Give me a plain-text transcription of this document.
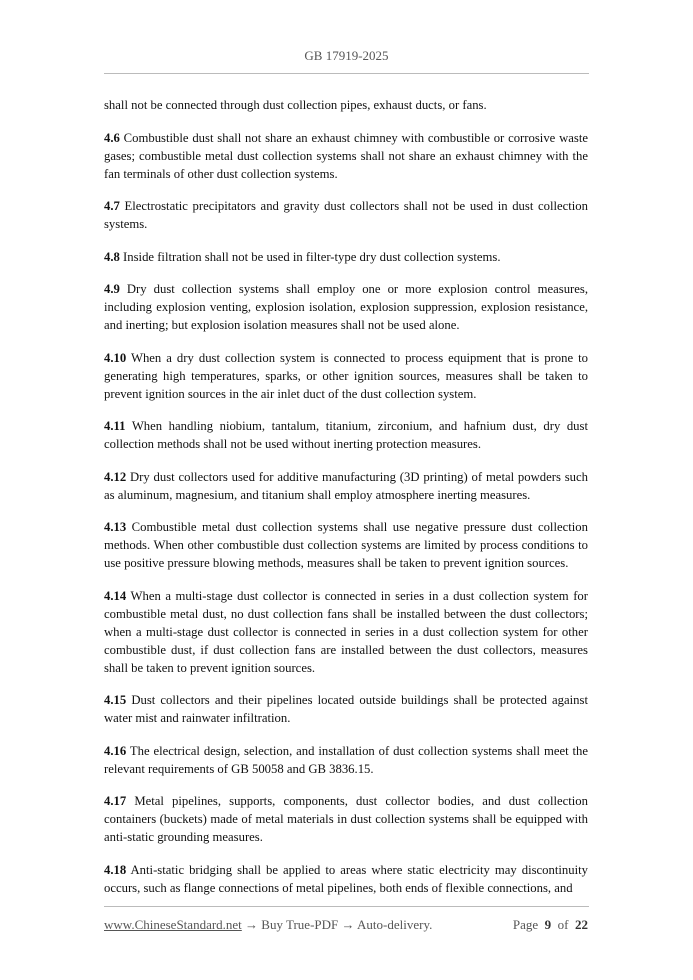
GB 17919-2025

shall not be connected through dust collection pipes, exhaust ducts, or fans.

4.6 Combustible dust shall not share an exhaust chimney with combustible or corrosive waste gases; combustible metal dust collection systems shall not share an exhaust chimney with the fan terminals of other dust collection systems.

4.7 Electrostatic precipitators and gravity dust collectors shall not be used in dust collection systems.

4.8 Inside filtration shall not be used in filter-type dry dust collection systems.

4.9 Dry dust collection systems shall employ one or more explosion control measures, including explosion venting, explosion isolation, explosion suppression, explosion resistance, and inerting; but explosion isolation measures shall not be used alone.

4.10 When a dry dust collection system is connected to process equipment that is prone to generating high temperatures, sparks, or other ignition sources, measures shall be taken to prevent ignition sources in the air inlet duct of the dust collection system.

4.11 When handling niobium, tantalum, titanium, zirconium, and hafnium dust, dry dust collection methods shall not be used without inerting protection measures.

4.12 Dry dust collectors used for additive manufacturing (3D printing) of metal powders such as aluminum, magnesium, and titanium shall employ atmosphere inerting measures.

4.13 Combustible metal dust collection systems shall use negative pressure dust collection methods. When other combustible dust collection systems are limited by process conditions to use positive pressure blowing methods, measures shall be taken to prevent ignition sources.

4.14 When a multi-stage dust collector is connected in series in a dust collection system for combustible metal dust, no dust collection fans shall be installed between the dust collectors; when a multi-stage dust collector is connected in series in a dust collection system for other combustible dust, if dust collection fans are installed between the dust collectors, measures shall be taken to prevent ignition sources.

4.15 Dust collectors and their pipelines located outside buildings shall be protected against water mist and rainwater infiltration.

4.16 The electrical design, selection, and installation of dust collection systems shall meet the relevant requirements of GB 50058 and GB 3836.15.

4.17 Metal pipelines, supports, components, dust collector bodies, and dust collection containers (buckets) made of metal materials in dust collection systems shall be equipped with anti-static grounding measures.

4.18 Anti-static bridging shall be applied to areas where static electricity may discontinuity occurs, such as flange connections of metal pipelines, both ends of flexible connections, and

www.ChineseStandard.net → Buy True-PDF → Auto-delivery.	Page 9 of 22
